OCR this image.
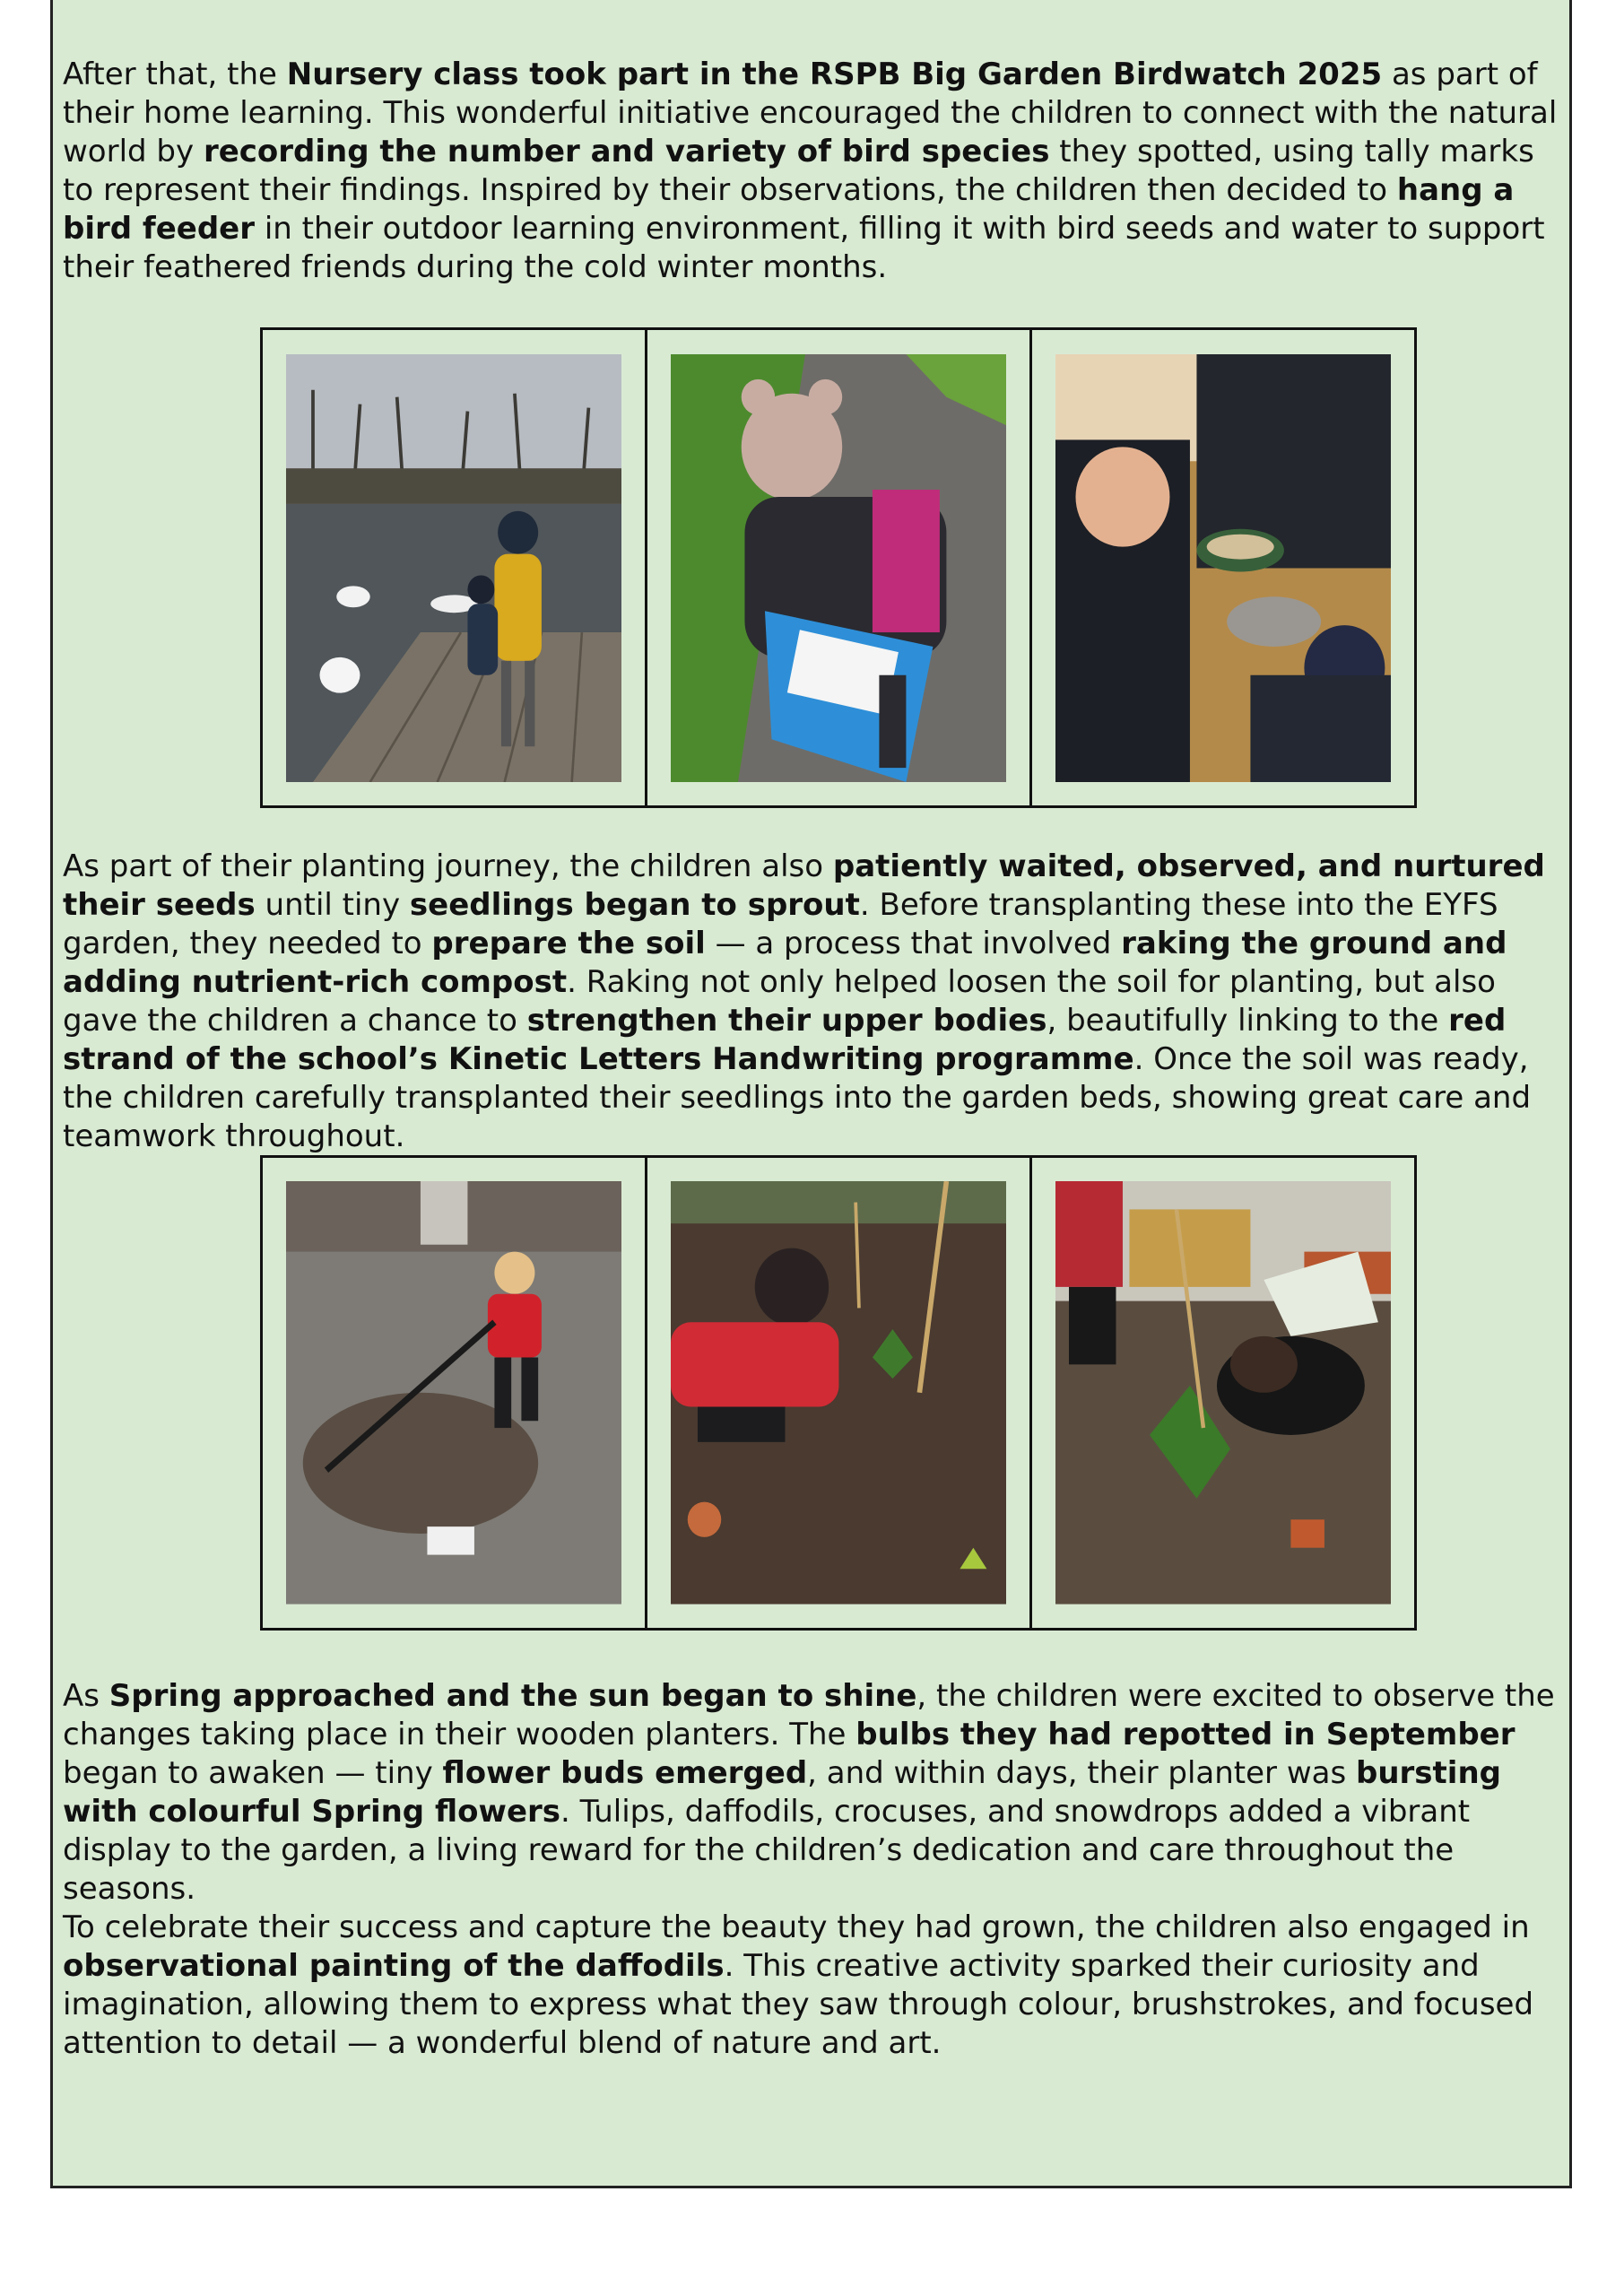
After that, the Nursery class took part in the RSPB Big Garden Birdwatch 2025 as part of their home learning. This wonderful initiative encouraged the children to connect with the natural world by recording the number and variety of bird species they spotted, using tally marks to represent their findings. Inspired by their observations, the children then decided to hang a bird feeder in their outdoor learning environment, filling it with bird seeds and water to support their feathered friends during the cold winter months.

As part of their planting journey, the children also patiently waited, observed, and nurtured their seeds until tiny seedlings began to sprout. Before transplanting these into the EYFS garden, they needed to prepare the soil — a process that involved raking the ground and adding nutrient-rich compost. Raking not only helped loosen the soil for planting, but also gave the children a chance to strengthen their upper bodies, beautifully linking to the red strand of the school’s Kinetic Letters Handwriting programme. Once the soil was ready, the children carefully transplanted their seedlings into the garden beds, showing great care and teamwork throughout.

As Spring approached and the sun began to shine, the children were excited to observe the changes taking place in their wooden planters. The bulbs they had repotted in September began to awaken — tiny flower buds emerged, and within days, their planter was bursting with colourful Spring flowers. Tulips, daffodils, crocuses, and snowdrops added a vibrant display to the garden, a living reward for the children’s dedication and care throughout the seasons.

To celebrate their success and capture the beauty they had grown, the children also engaged in observational painting of the daffodils. This creative activity sparked their curiosity and imagination, allowing them to express what they saw through colour, brushstrokes, and focused attention to detail — a wonderful blend of nature and art.
